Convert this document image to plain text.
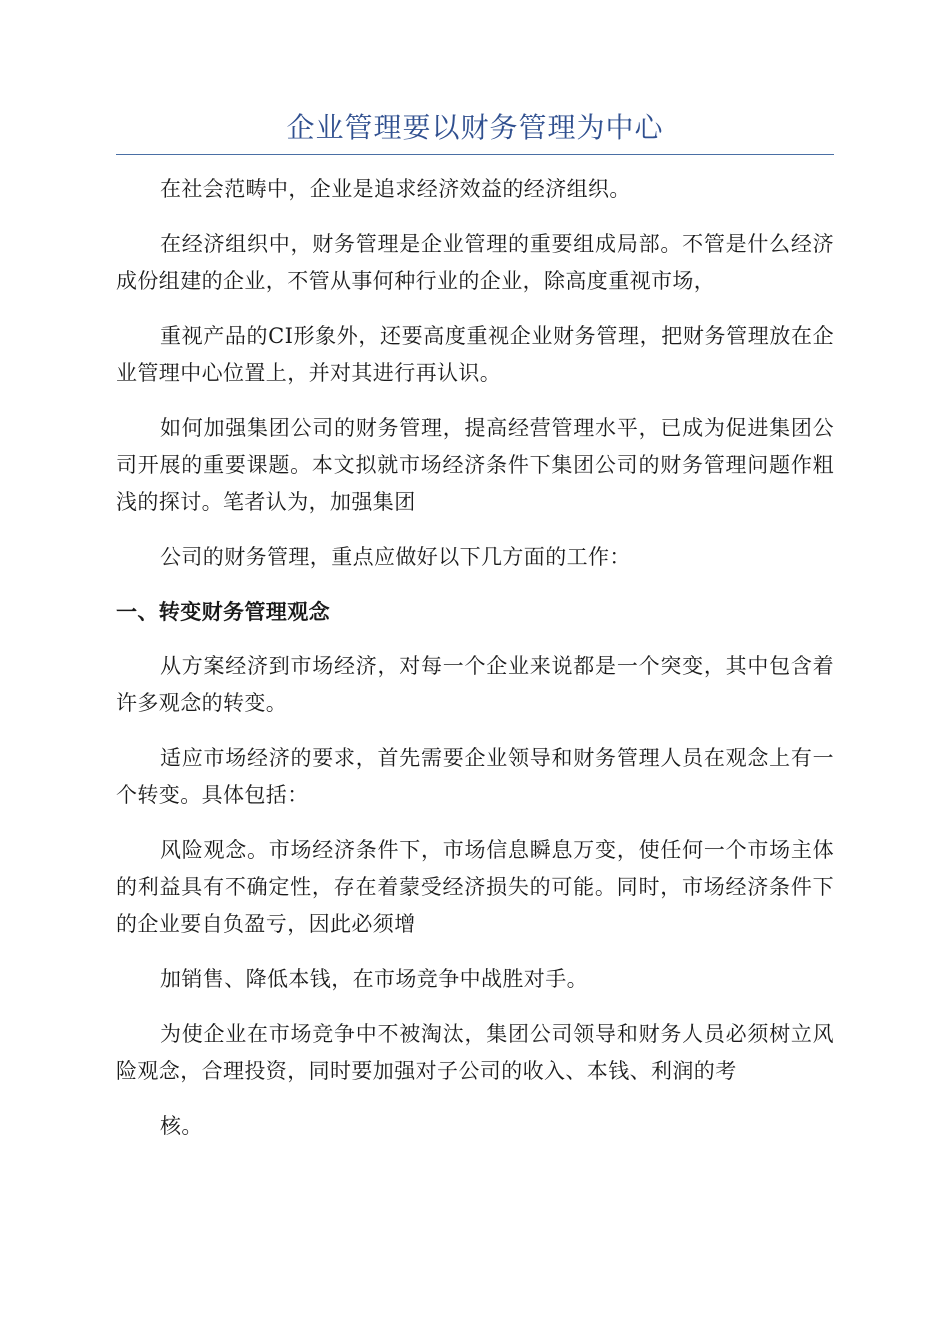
企业管理要以财务管理为中心

在社会范畴中，企业是追求经济效益的经济组织。

在经济组织中，财务管理是企业管理的重要组成局部。不管是什么经济成份组建的企业，不管从事何种行业的企业，除高度重视市场，

重视产品的CI形象外，还要高度重视企业财务管理，把财务管理放在企业管理中心位置上，并对其进行再认识。

如何加强集团公司的财务管理，提高经营管理水平，已成为促进集团公司开展的重要课题。本文拟就市场经济条件下集团公司的财务管理问题作粗浅的探讨。笔者认为，加强集团

公司的财务管理，重点应做好以下几方面的工作：

一、转变财务管理观念

从方案经济到市场经济，对每一个企业来说都是一个突变，其中包含着许多观念的转变。

适应市场经济的要求，首先需要企业领导和财务管理人员在观念上有一个转变。具体包括：

风险观念。市场经济条件下，市场信息瞬息万变，使任何一个市场主体的利益具有不确定性，存在着蒙受经济损失的可能。同时，市场经济条件下的企业要自负盈亏，因此必须增

加销售、降低本钱，在市场竞争中战胜对手。

为使企业在市场竞争中不被淘汰，集团公司领导和财务人员必须树立风险观念，合理投资，同时要加强对子公司的收入、本钱、利润的考

核。
